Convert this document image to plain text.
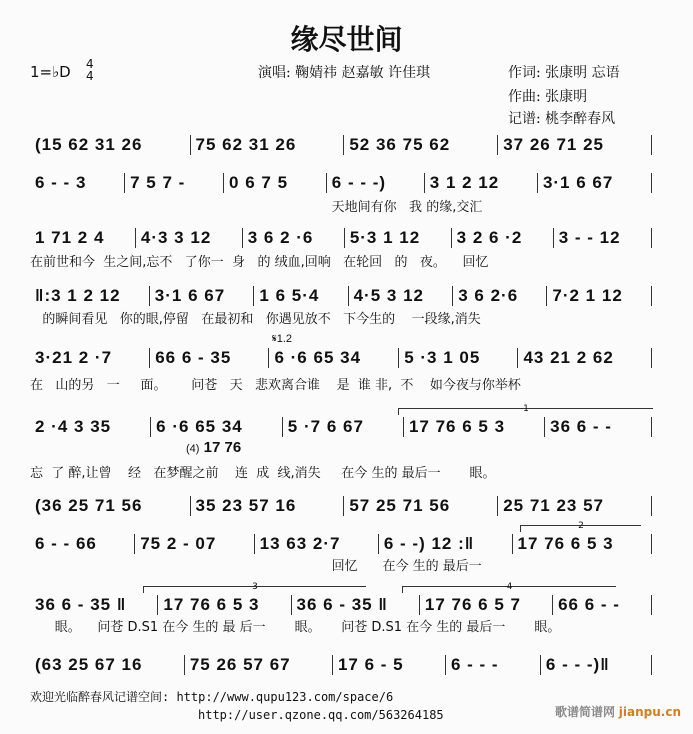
缘尽世间
1=♭D 4
4	演唱: 鞠婧祎 赵嘉敏 许佳琪	作词: 张康明 忘语
作曲: 张康明
记谱: 桃李醉春风
(15 62 31 26	75 62 31 26	52 36 75 62	37 26 71 25
6 - - 3	7 5 7 -	0 6 7 5	6 - - -)	3 1 2 12	3·1 6 67
天地间有你   我 的缘,交汇
1 71 2 4	4·3 3 12	3 6 2 ·6	5·3 1 12	3 2 6 ·2	3 - - 12
在前世和今  生之间,忘不   了你一  身   的 绒血,回响   在轮回   的   夜。    回忆
‖:3 1 2 12	3·1 6 67	1 6 5·4	4·5 3 12	3 6 2·6	7·2 1 12
的瞬间看见   你的眼,停留   在最初和   你遇见放不   下今生的    一段缘,消失
3·21 2 ·7	66 6 - 35	6 ·6 65 34	5 ·3 1 05	43 21 2 62
在   山的另   一     面。      问苍   天   悲欢离合谁    是  谁 非,  不    如今夜与你举杯
𝄋1.2
2 ·4 3 35	6 ·6 65 34	5 ·7 6 67	17 76 6 5 3	36 6 - -
忘  了 醉,让曾    经   在梦醒之前    连  成  线,消失     在今 生的 最后一       眼。
(4) 17 76
1
(36 25 71 56	35 23 57 16	57 25 71 56	25 71 23 57
6 - - 66	75 2 - 07	13 63 2·7	6 - -) 12 :‖	17 76 6 5 3
回忆      在今 生的 最后一
2
36 6 - 35 ‖	17 76 6 5 3	36 6 - 35 ‖	17 76 6 5 7	66 6 - -
眼。    问苍 D.S1 在今 生的 最 后一       眼。     问苍 D.S1 在今 生的 最后一       眼。
3	4
(63 25 67 16	75 26 57 67	17 6 - 5	6 - - -	6 - - -)‖
欢迎光临醉春风记谱空间: http://www.qupu123.com/space/6
http://user.qzone.qq.com/563264185	歌谱简谱网 jianpu.cn
